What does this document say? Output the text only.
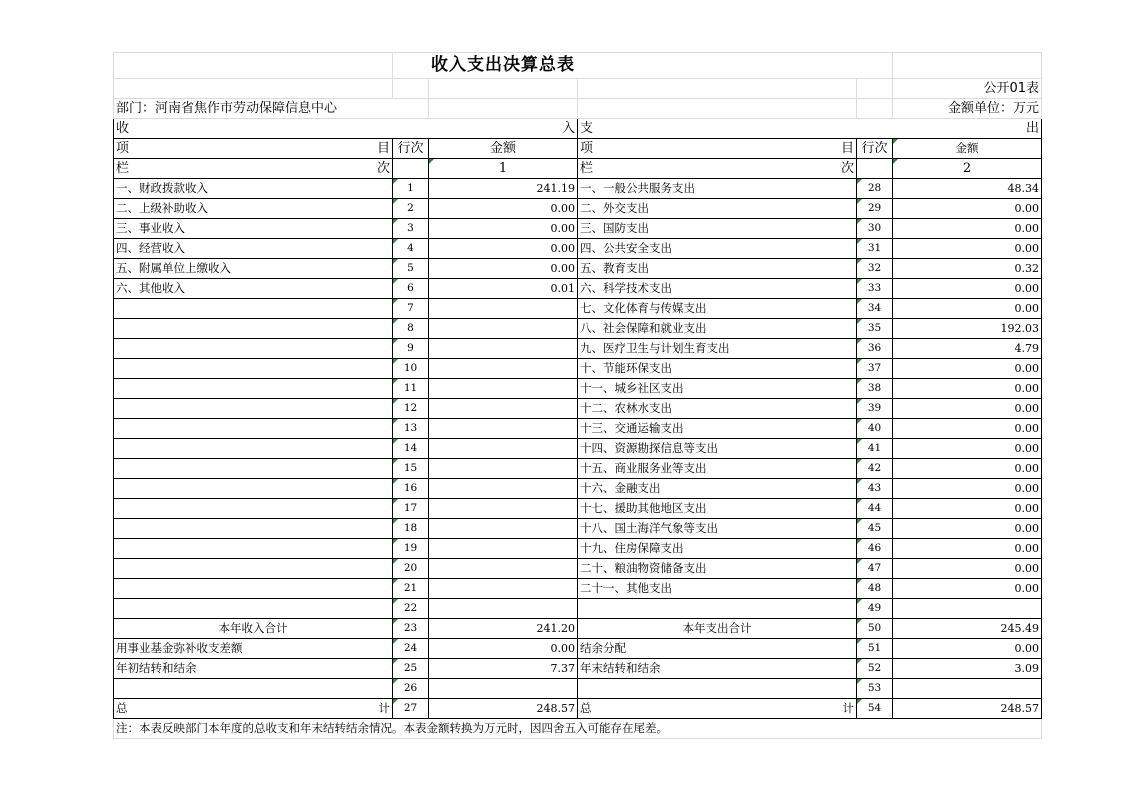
	收入支出决算总表				
					公开01表
部门：河南省焦作市劳动保障信息中心					金额单位：万元

收 入			支 出		

项 目	行次	金额	项 目	行次	金额

栏 次		1	栏 次		2
一、财政拨款收入	1	241.19	一、一般公共服务支出	28	48.34
二、上级补助收入	2	0.00	二、外交支出	29	0.00
三、事业收入	3	0.00	三、国防支出	30	0.00
四、经营收入	4	0.00	四、公共安全支出	31	0.00
五、附属单位上缴收入	5	0.00	五、教育支出	32	0.32
六、其他收入	6	0.01	六、科学技术支出	33	0.00
	7		七、文化体育与传媒支出	34	0.00
	8		八、社会保障和就业支出	35	192.03
	9		九、医疗卫生与计划生育支出	36	4.79
	10		十、节能环保支出	37	0.00
	11		十一、城乡社区支出	38	0.00
	12		十二、农林水支出	39	0.00
	13		十三、交通运输支出	40	0.00
	14		十四、资源勘探信息等支出	41	0.00
	15		十五、商业服务业等支出	42	0.00
	16		十六、金融支出	43	0.00
	17		十七、援助其他地区支出	44	0.00
	18		十八、国土海洋气象等支出	45	0.00
	19		十九、住房保障支出	46	0.00
	20		二十、粮油物资储备支出	47	0.00
	21		二十一、其他支出	48	0.00
	22			49	
本年收入合计	23	241.20	本年支出合计	50	245.49
用事业基金弥补收支差额	24	0.00	结余分配	51	0.00
年初结转和结余	25	7.37	年末结转和结余	52	3.09
	26			53	

总 计	27	248.57	总 计	54	248.57
注：本表反映部门本年度的总收支和年末结转结余情况。本表金额转换为万元时，因四舍五入可能存在尾差。					
